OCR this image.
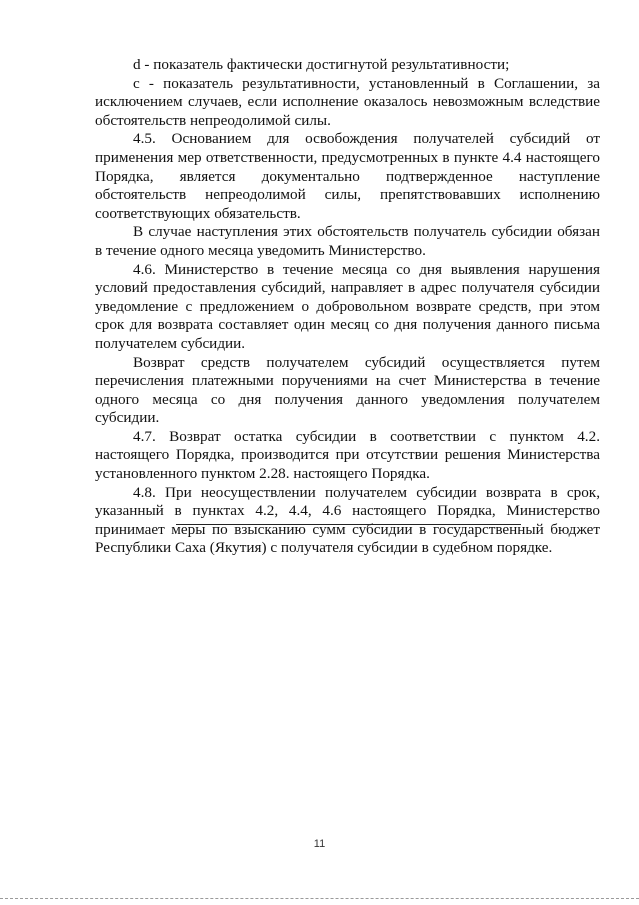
d - показатель фактически достигнутой результативности;

с - показатель результативности, установленный в Соглашении, за исключением случаев, если исполнение оказалось невозможным вследствие обстоятельств непреодолимой силы.

4.5. Основанием для освобождения получателей субсидий от применения мер ответственности, предусмотренных в пункте 4.4 настоящего Порядка, является документально подтвержденное наступление обстоятельств непреодолимой силы, препятствовавших исполнению соответствующих обязательств.

В случае наступления этих обстоятельств получатель субсидии обязан в течение одного месяца уведомить Министерство.

4.6. Министерство в течение месяца со дня выявления нарушения условий предоставления субсидий, направляет в адрес получателя субсидии уведомление с предложением о добровольном возврате средств, при этом срок для возврата составляет один месяц со дня получения данного письма получателем субсидии.

Возврат средств получателем субсидий осуществляется путем перечисления платежными поручениями на счет Министерства в течение одного месяца со дня получения данного уведомления получателем субсидии.

4.7. Возврат остатка субсидии в соответствии с пунктом 4.2. настоящего Порядка, производится при отсутствии решения Министерства установленного пунктом 2.28. настоящего Порядка.

4.8. При неосуществлении получателем субсидии возврата в срок, указанный в пунктах 4.2, 4.4, 4.6 настоящего Порядка, Министерство принимает меры по взысканию сумм субсидии в государственный бюджет Республики Саха (Якутия) с получателя субсидии в судебном порядке.

11
